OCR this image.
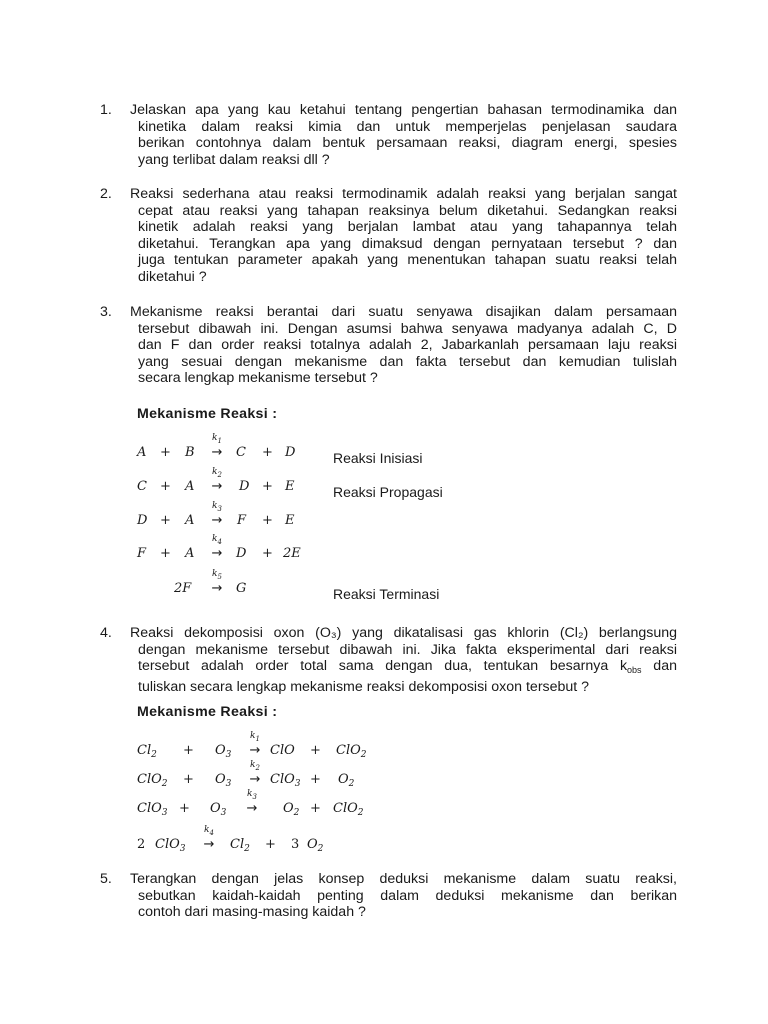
1. Jelaskan apa yang kau ketahui tentang pengertian bahasan termodinamika dan
kinetika dalam reaksi kimia dan untuk memperjelas penjelasan saudara
berikan contohnya dalam bentuk persamaan reaksi, diagram energi, spesies
yang terlibat dalam reaksi dll ?
2. Reaksi sederhana atau reaksi termodinamik adalah reaksi yang berjalan sangat
cepat atau reaksi yang tahapan reaksinya belum diketahui. Sedangkan reaksi
kinetik adalah reaksi yang berjalan lambat atau yang tahapannya telah
diketahui. Terangkan apa yang dimaksud dengan pernyataan tersebut ? dan
juga tentukan parameter apakah yang menentukan tahapan suatu reaksi telah
diketahui ?
3. Mekanisme reaksi berantai dari suatu senyawa disajikan dalam persamaan
tersebut dibawah ini. Dengan asumsi bahwa senyawa madyanya adalah C, D
dan F dan order reaksi totalnya adalah 2, Jabarkanlah persamaan laju reaksi
yang sesuai dengan mekanisme dan fakta tersebut dan kemudian tulislah
secara lengkap mekanisme tersebut ?
Mekanisme Reaksi :
A + B
$k_1$
→ C + D
C + A
$k_2$
→ D + E
D + A
$k_3$
→ F + E
F + A
$k_4$
→ D + 2E
2F
$k_5$
→ G
Reaksi Inisiasi
Reaksi Propagasi
Reaksi Terminasi
4. Reaksi dekomposisi oxon (O₃) yang dikatalisasi gas khlorin (Cl₂) berlangsung
dengan mekanisme tersebut dibawah ini. Jika fakta eksperimental dari reaksi
tersebut adalah order total sama dengan dua, tentukan besarnya $k_{obs}$ dan
tuliskan secara lengkap mekanisme reaksi dekomposisi oxon tersebut ?
Mekanisme Reaksi :
$Cl_2 + O_3$
$k_1$
→ ClO + ClO$_2$
$ClO_2 + O_3$
$k_2$
→ $ClO_3 + O_2$
$ClO_3 + O_3$
$k_3$
→ $O_2 + ClO_2$
2 ClO$_3$
$k_4$
→ $Cl_2 + 3$ $O_2$
5. Terangkan dengan jelas konsep deduksi mekanisme dalam suatu reaksi,
sebutkan kaidah-kaidah penting dalam deduksi mekanisme dan berikan
contoh dari masing-masing kaidah ?
